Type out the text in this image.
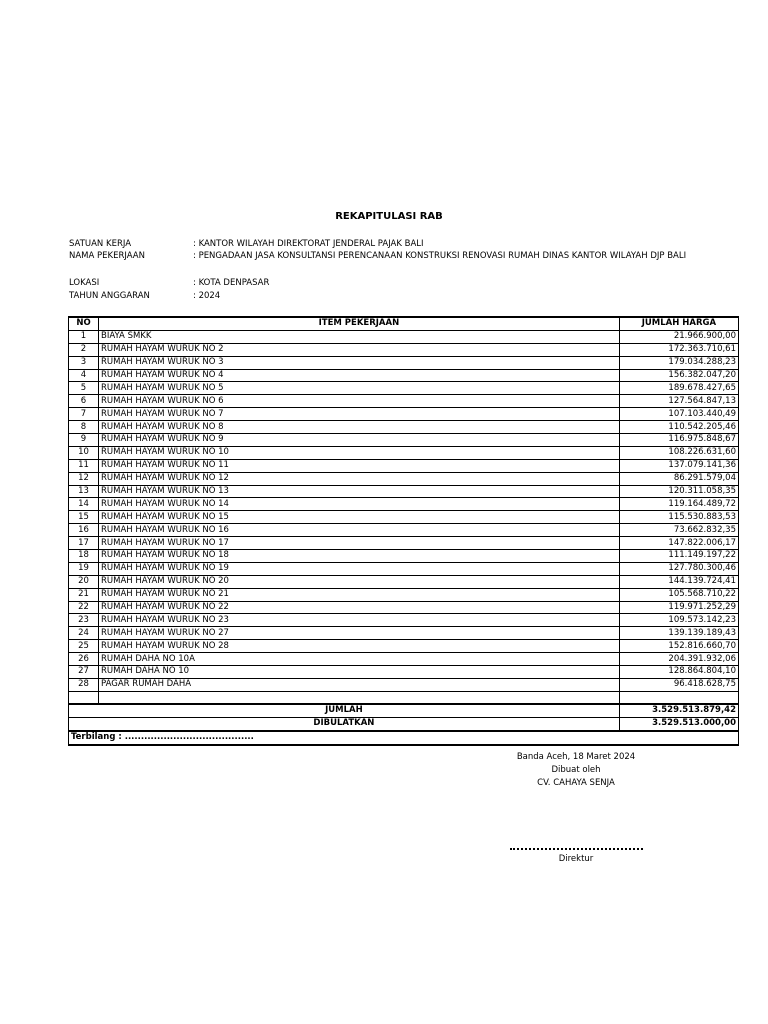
REKAPITULASI RAB
SATUAN KERJA	: KANTOR WILAYAH DIREKTORAT JENDERAL PAJAK BALI
NAMA PEKERJAAN	: PENGADAAN JASA KONSULTANSI PERENCANAAN KONSTRUKSI RENOVASI RUMAH DINAS KANTOR WILAYAH DJP BALI
LOKASI	: KOTA DENPASAR
TAHUN ANGGARAN	: 2024
NO	ITEM PEKERJAAN	JUMLAH HARGA
1	BIAYA SMKK	21.966.900,00
2	RUMAH HAYAM WURUK NO 2	172.363.710,61
3	RUMAH HAYAM WURUK NO 3	179.034.288,23
4	RUMAH HAYAM WURUK NO 4	156.382.047,20
5	RUMAH HAYAM WURUK NO 5	189.678.427,65
6	RUMAH HAYAM WURUK NO 6	127.564.847,13
7	RUMAH HAYAM WURUK NO 7	107.103.440,49
8	RUMAH HAYAM WURUK NO 8	110.542.205,46
9	RUMAH HAYAM WURUK NO 9	116.975.848,67
10	RUMAH HAYAM WURUK NO 10	108.226.631,60
11	RUMAH HAYAM WURUK NO 11	137.079.141,36
12	RUMAH HAYAM WURUK NO 12	86.291.579,04
13	RUMAH HAYAM WURUK NO 13	120.311.058,35
14	RUMAH HAYAM WURUK NO 14	119.164.489,72
15	RUMAH HAYAM WURUK NO 15	115.530.883,53
16	RUMAH HAYAM WURUK NO 16	73.662.832,35
17	RUMAH HAYAM WURUK NO 17	147.822.006,17
18	RUMAH HAYAM WURUK NO 18	111.149.197,22
19	RUMAH HAYAM WURUK NO 19	127.780.300,46
20	RUMAH HAYAM WURUK NO 20	144.139.724,41
21	RUMAH HAYAM WURUK NO 21	105.568.710,22
22	RUMAH HAYAM WURUK NO 22	119.971.252,29
23	RUMAH HAYAM WURUK NO 23	109.573.142,23
24	RUMAH HAYAM WURUK NO 27	139.139.189,43
25	RUMAH HAYAM WURUK NO 28	152.816.660,70
26	RUMAH DAHA NO 10A	204.391.932,06
27	RUMAH DAHA NO 10	128.864.804,10
28	PAGAR RUMAH DAHA	96.418.628,75

JUMLAH		3.529.513.879,42
DIBULATKAN		3.529.513.000,00
Terbilang : ........................................		
Banda Aceh, 18 Maret 2024
Dibuat oleh
CV. CAHAYA SENJA
Direktur
